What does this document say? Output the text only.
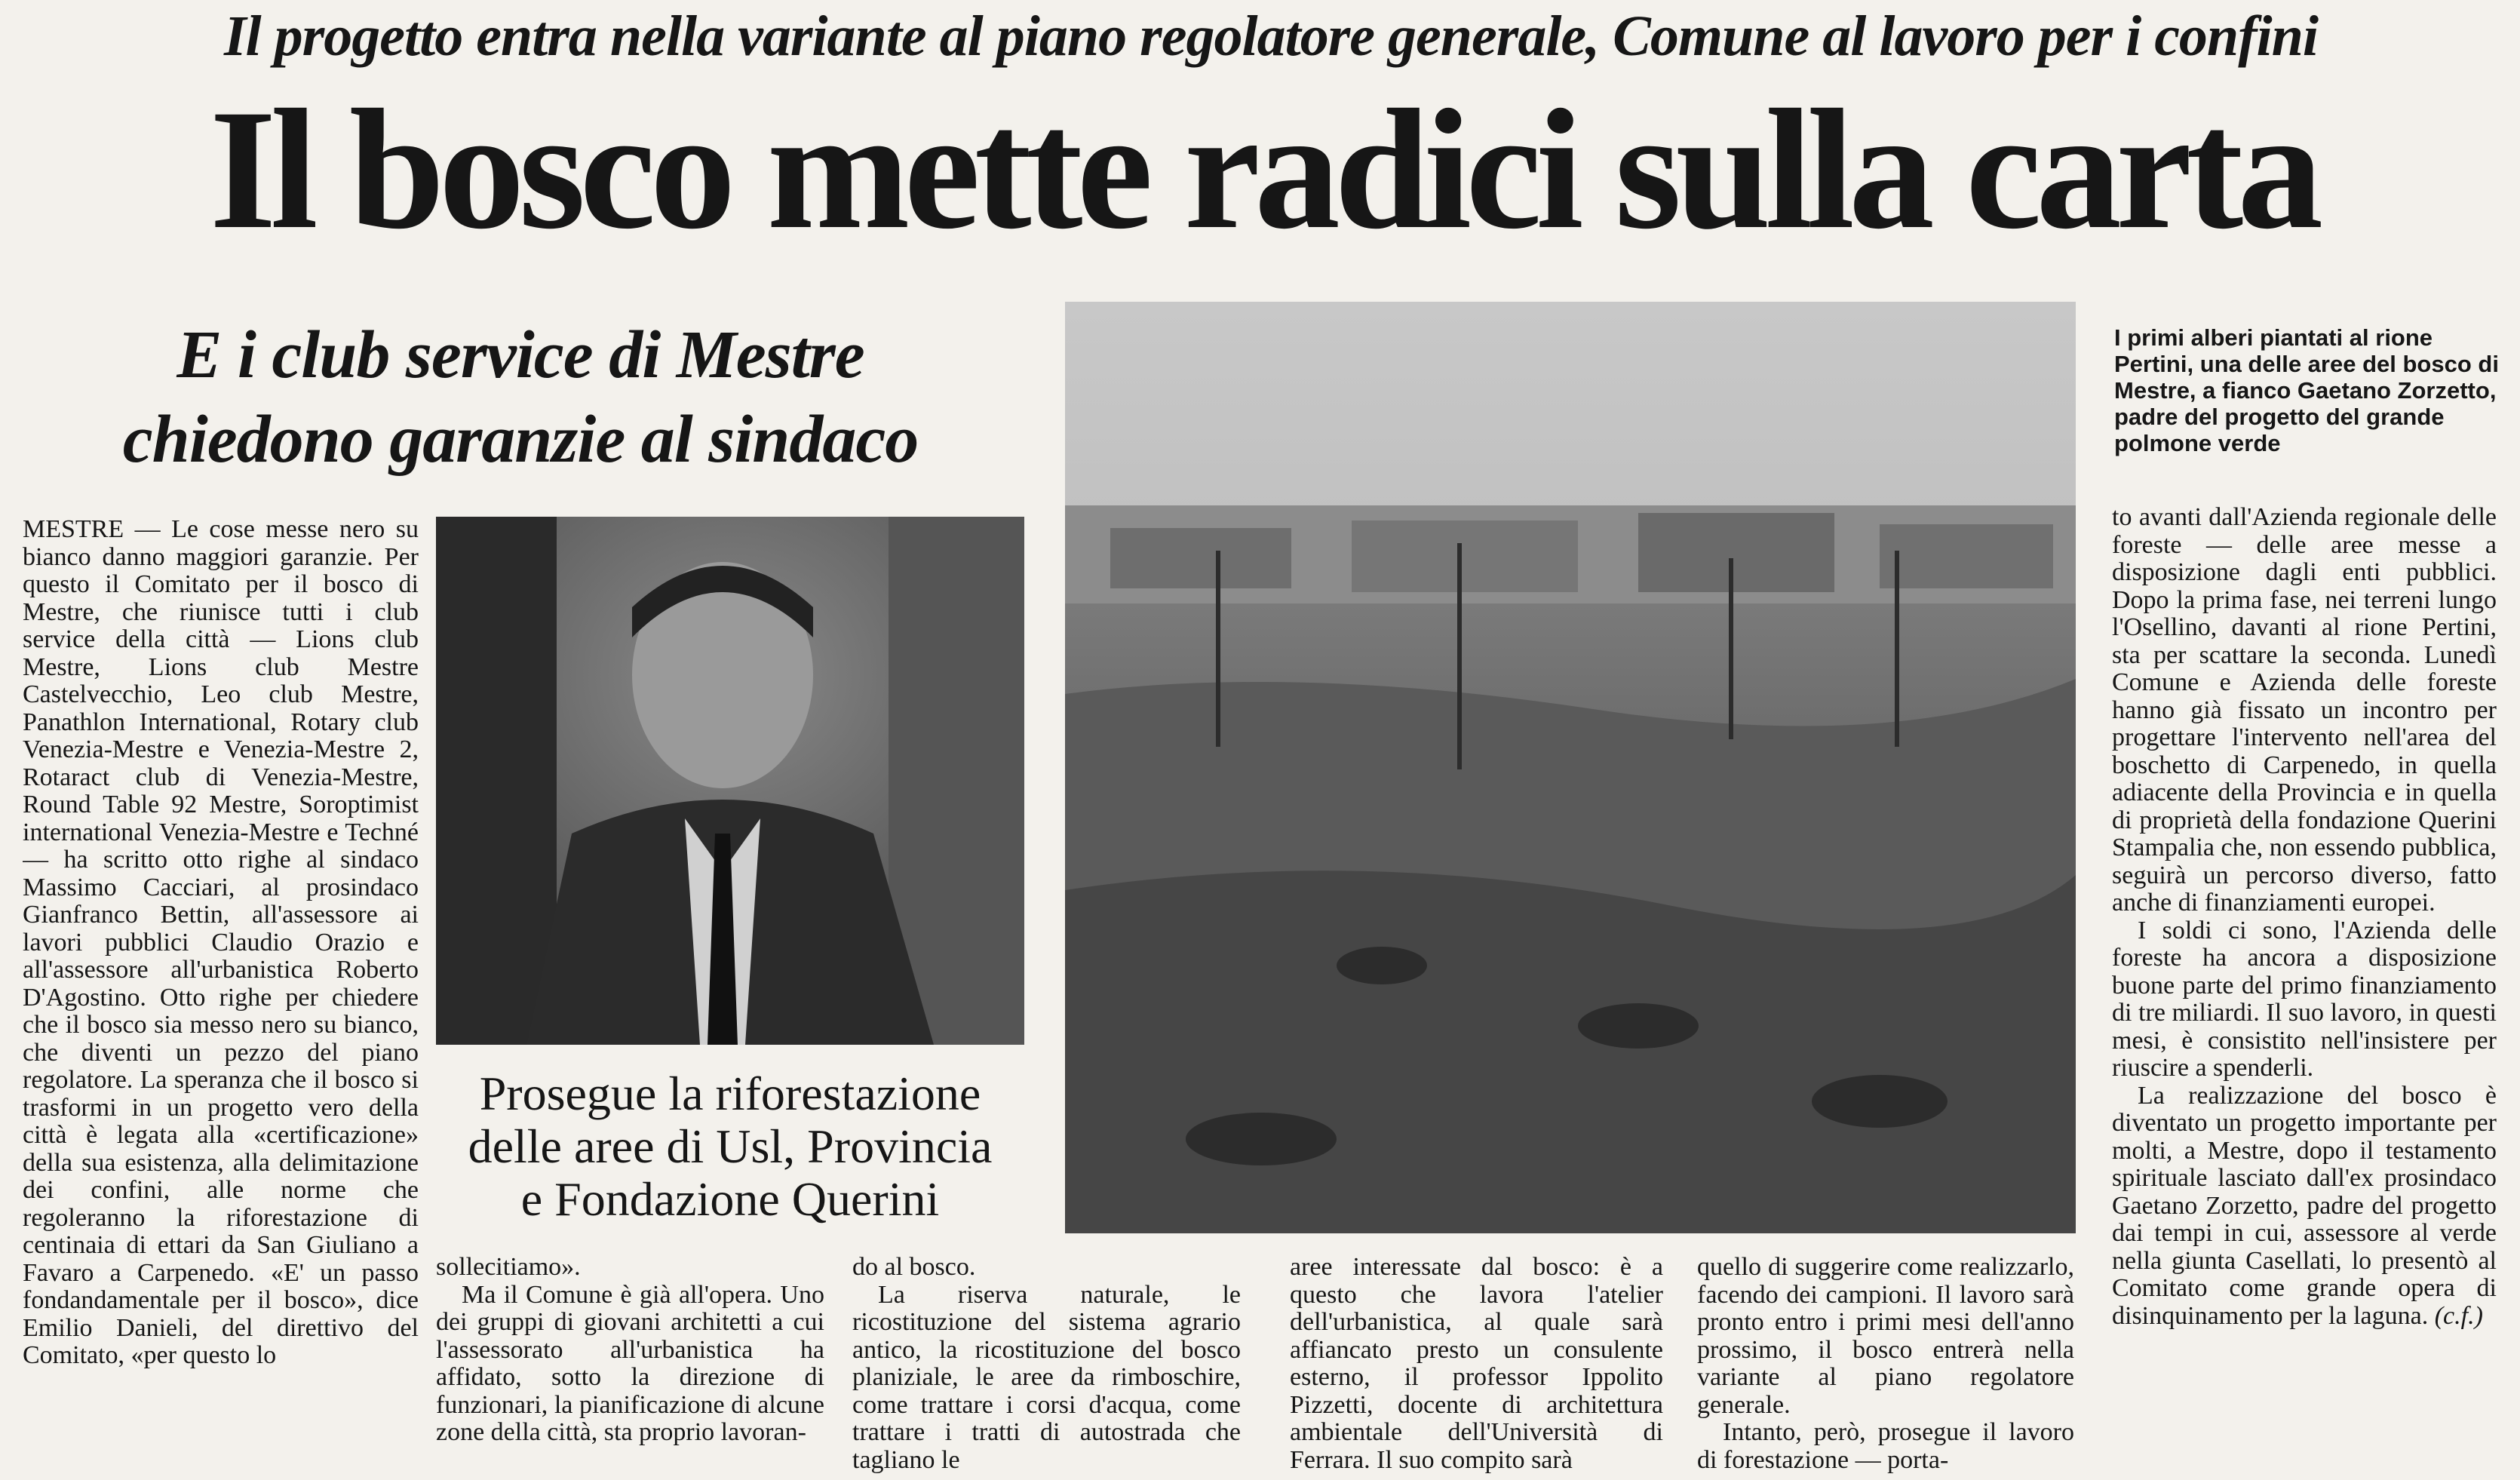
Il progetto entra nella variante al piano regolatore generale, Comune al lavoro per i confini
Il bosco mette radici sulla carta
E i club service di Mestre
chiedono garanzie al sindaco
Prosegue la riforestazione
delle aree di Usl, Provincia
e Fondazione Querini
I primi alberi piantati al rione Pertini, una delle aree del bosco di Mestre, a fianco Gaetano Zorzetto, padre del progetto del grande polmone verde

MESTRE — Le cose messe nero su bianco danno maggiori garanzie. Per questo il Comitato per il bosco di Mestre, che riunisce tutti i club service della città — Lions club Mestre, Lions club Mestre Castelvecchio, Leo club Mestre, Panathlon International, Rotary club Venezia-Mestre e Venezia-Mestre 2, Rotaract club di Venezia-Mestre, Round Table 92 Mestre, Soroptimist international Venezia-Mestre e Techné — ha scritto otto righe al sindaco Massimo Cacciari, al prosindaco Gianfranco Bettin, all'assessore ai lavori pubblici Claudio Orazio e all'assessore all'urbanistica Roberto D'Agostino. Otto righe per chiedere che il bosco sia messo nero su bianco, che diventi un pezzo del piano regolatore. La speranza che il bosco si trasformi in un progetto vero della città è legata alla «certificazione» della sua esistenza, alla delimitazione dei confini, alle norme che regoleranno la riforestazione di centinaia di ettari da San Giuliano a Favaro a Carpenedo. «E' un passo fondandamentale per il bosco», dice Emilio Danieli, del direttivo del Comitato, «per questo lo

sollecitiamo».

Ma il Comune è già all'opera. Uno dei gruppi di giovani architetti a cui l'assessorato all'urbanistica ha affidato, sotto la direzione di funzionari, la pianificazione di alcune zone della città, sta proprio lavoran-

do al bosco.

La riserva naturale, le ricostituzione del sistema agrario antico, la ricostituzione del bosco planiziale, le aree da rimboschire, come trattare i corsi d'acqua, come trattare i tratti di autostrada che tagliano le

aree interessate dal bosco: è a questo che lavora l'atelier dell'urbanistica, al quale sarà affiancato presto un consulente esterno, il professor Ippolito Pizzetti, docente di architettura ambientale dell'Università di Ferrara. Il suo compito sarà

quello di suggerire come realizzarlo, facendo dei campioni. Il lavoro sarà pronto entro i primi mesi dell'anno prossimo, il bosco entrerà nella variante al piano regolatore generale.

Intanto, però, prosegue il lavoro di forestazione — porta-

to avanti dall'Azienda regionale delle foreste — delle aree messe a disposizione dagli enti pubblici. Dopo la prima fase, nei terreni lungo l'Osellino, davanti al rione Pertini, sta per scattare la seconda. Lunedì Comune e Azienda delle foreste hanno già fissato un incontro per progettare l'intervento nell'area del boschetto di Carpenedo, in quella adiacente della Provincia e in quella di proprietà della fondazione Querini Stampalia che, non essendo pubblica, seguirà un percorso diverso, fatto anche di finanziamenti europei.

I soldi ci sono, l'Azienda delle foreste ha ancora a disposizione buone parte del primo finanziamento di tre miliardi. Il suo lavoro, in questi mesi, è consistito nell'insistere per riuscire a spenderli.

La realizzazione del bosco è diventato un progetto importante per molti, a Mestre, dopo il testamento spirituale lasciato dall'ex prosindaco Gaetano Zorzetto, padre del progetto dai tempi in cui, assessore al verde nella giunta Casellati, lo presentò al Comitato come grande opera di disinquinamento per la laguna. (c.f.)
